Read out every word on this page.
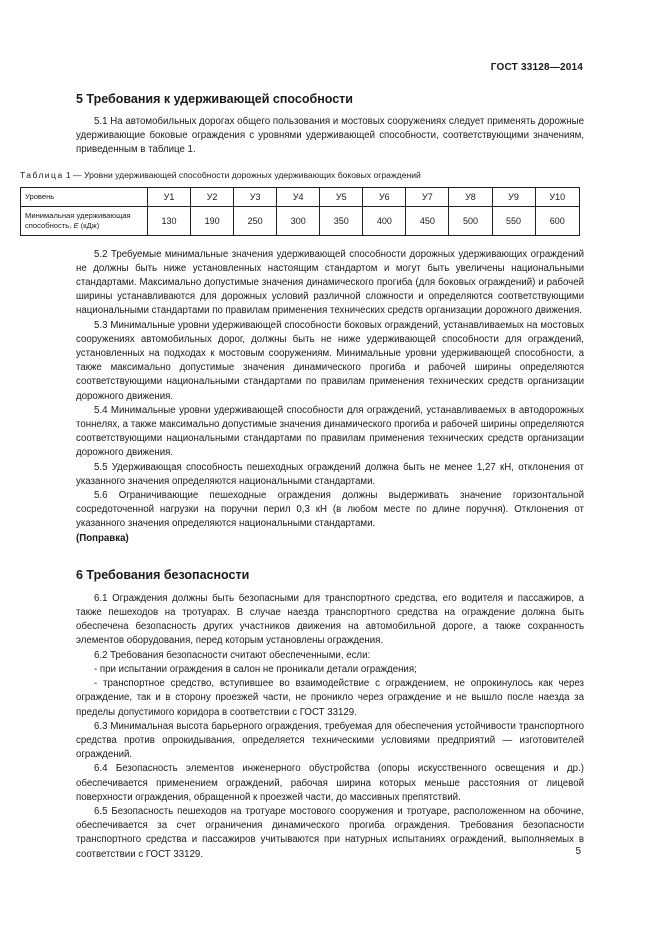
ГОСТ 33128—2014
5 Требования к удерживающей способности

5.1 На автомобильных дорогах общего пользования и мостовых сооружениях следует применять дорожные удерживающие боковые ограждения с уровнями удерживающей способности, соответствующими значениям, приведенным в таблице 1.

Таблица 1 — Уровни удерживающей способности дорожных удерживающих боковых ограждений
Уровень	У1	У2	У3	У4	У5	У6	У7	У8	У9	У10
Минимальная удерживающая способность, E (кДж)	130	190	250	300	350	400	450	500	550	600

5.2 Требуемые минимальные значения удерживающей способности дорожных удерживающих ограждений не должны быть ниже установленных настоящим стандартом и могут быть увеличены национальными стандартами. Максимально допустимые значения динамического прогиба (для боковых ограждений) и рабочей ширины устанавливаются для дорожных условий различной сложности и определяются соответствующими национальными стандартами по правилам применения технических средств организации дорожного движения.

5.3 Минимальные уровни удерживающей способности боковых ограждений, устанавливаемых на мостовых сооружениях автомобильных дорог, должны быть не ниже удерживающей способности для ограждений, установленных на подходах к мостовым сооружениям. Минимальные уровни удерживающей способности, а также максимально допустимые значения динамического прогиба и рабочей ширины определяются соответствующими национальными стандартами по правилам применения технических средств организации дорожного движения.

5.4 Минимальные уровни удерживающей способности для ограждений, устанавливаемых в автодорожных тоннелях, а также максимально допустимые значения динамического прогиба и рабочей ширины определяются соответствующими национальными стандартами по правилам применения технических средств организации дорожного движения.

5.5 Удерживающая способность пешеходных ограждений должна быть не менее 1,27 кН, отклонения от указанного значения определяются национальными стандартами.

5.6 Ограничивающие пешеходные ограждения должны выдерживать значение горизонтальной сосредоточенной нагрузки на поручни перил 0,3 кН (в любом месте по длине поручня). Отклонения от указанного значения определяются национальными стандартами.

(Поправка)

6 Требования безопасности

6.1 Ограждения должны быть безопасными для транспортного средства, его водителя и пассажиров, а также пешеходов на тротуарах. В случае наезда транспортного средства на ограждение должна быть обеспечена безопасность других участников движения на автомобильной дороге, а также сохранность элементов оборудования, перед которым установлены ограждения.

6.2 Требования безопасности считают обеспеченными, если:

- при испытании ограждения в салон не проникали детали ограждения;

- транспортное средство, вступившее во взаимодействие с ограждением, не опрокинулось как через ограждение, так и в сторону проезжей части, не проникло через ограждение и не вышло после наезда за пределы допустимого коридора в соответствии с ГОСТ 33129.

6.3 Минимальная высота барьерного ограждения, требуемая для обеспечения устойчивости транспортного средства против опрокидывания, определяется техническими условиями предприятий — изготовителей ограждений.

6.4 Безопасность элементов инженерного обустройства (опоры искусственного освещения и др.) обеспечивается применением ограждений, рабочая ширина которых меньше расстояния от лицевой поверхности ограждения, обращенной к проезжей части, до массивных препятствий.

6.5 Безопасность пешеходов на тротуаре мостового сооружения и тротуаре, расположенном на обочине, обеспечивается за счет ограничения динамического прогиба ограждения. Требования безопасности транспортного средства и пассажиров учитываются при натурных испытаниях ограждений, выполняемых в соответствии с ГОСТ 33129.	5
